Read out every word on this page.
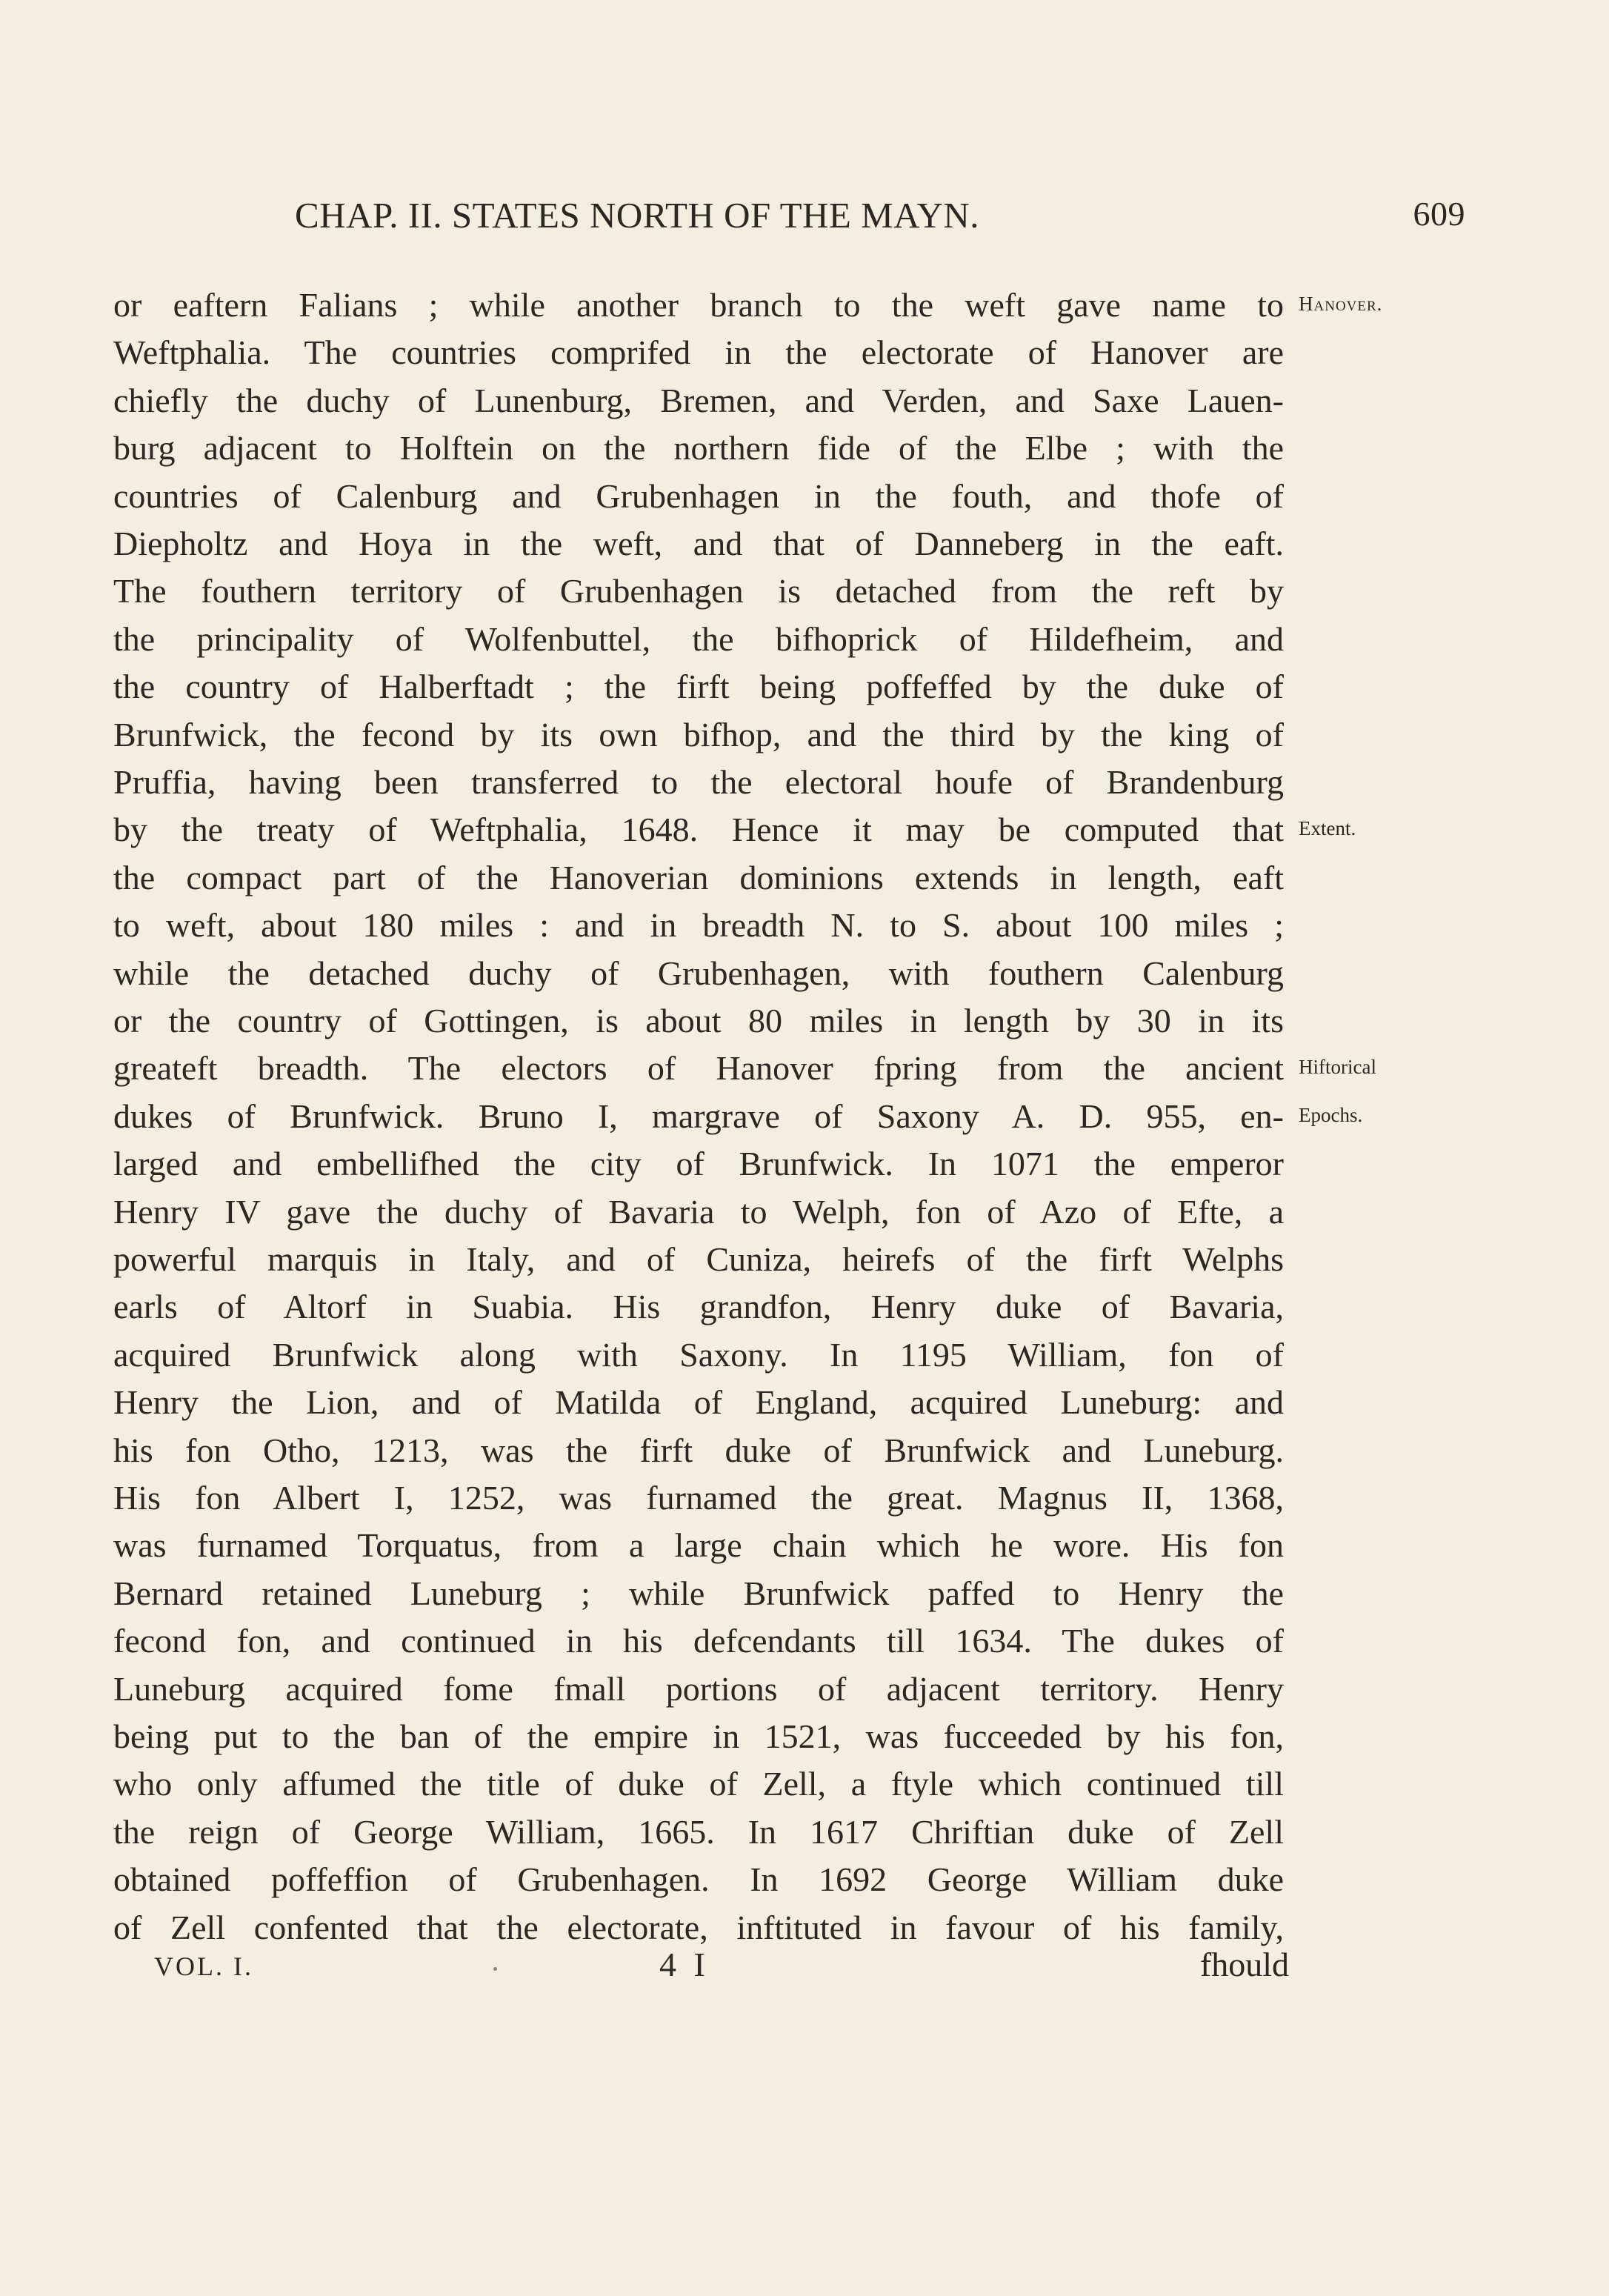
CHAP. II. STATES NORTH OF THE MAYN.	609
or eaftern Falians ; while another branch to the weft gave name to
Weftphalia. The countries comprifed in the electorate of Hanover are
chiefly the duchy of Lunenburg, Bremen, and Verden, and Saxe Lauen-
burg adjacent to Holftein on the northern fide of the Elbe ; with the
countries of Calenburg and Grubenhagen in the fouth, and thofe of
Diepholtz and Hoya in the weft, and that of Danneberg in the eaft.
The fouthern territory of Grubenhagen is detached from the reft by
the principality of Wolfenbuttel, the bifhoprick of Hildefheim, and
the country of Halberftadt ; the firft being poffeffed by the duke of
Brunfwick, the fecond by its own bifhop, and the third by the king of
Pruffia, having been transferred to the electoral houfe of Brandenburg
by the treaty of Weftphalia, 1648. Hence it may be computed that
the compact part of the Hanoverian dominions extends in length, eaft
to weft, about 180 miles : and in breadth N. to S. about 100 miles ;
while the detached duchy of Grubenhagen, with fouthern Calenburg
or the country of Gottingen, is about 80 miles in length by 30 in its
greateft breadth. The electors of Hanover fpring from the ancient
dukes of Brunfwick. Bruno I, margrave of Saxony A. D. 955, en-
larged and embellifhed the city of Brunfwick. In 1071 the emperor
Henry IV gave the duchy of Bavaria to Welph, fon of Azo of Efte, a
powerful marquis in Italy, and of Cuniza, heirefs of the firft Welphs
earls of Altorf in Suabia. His grandfon, Henry duke of Bavaria,
acquired Brunfwick along with Saxony. In 1195 William, fon of
Henry the Lion, and of Matilda of England, acquired Luneburg: and
his fon Otho, 1213, was the firft duke of Brunfwick and Luneburg.
His fon Albert I, 1252, was furnamed the great. Magnus II, 1368,
was furnamed Torquatus, from a large chain which he wore. His fon
Bernard retained Luneburg ; while Brunfwick paffed to Henry the
fecond fon, and continued in his defcendants till 1634. The dukes of
Luneburg acquired fome fmall portions of adjacent territory. Henry
being put to the ban of the empire in 1521, was fucceeded by his fon,
who only affumed the title of duke of Zell, a ftyle which continued till
the reign of George William, 1665. In 1617 Chriftian duke of Zell
obtained poffeffion of Grubenhagen. In 1692 George William duke
of Zell confented that the electorate, inftituted in favour of his family,
Hanover.
Extent.
Hiftorical
Epochs.
VOL. I.	4 I	fhould
